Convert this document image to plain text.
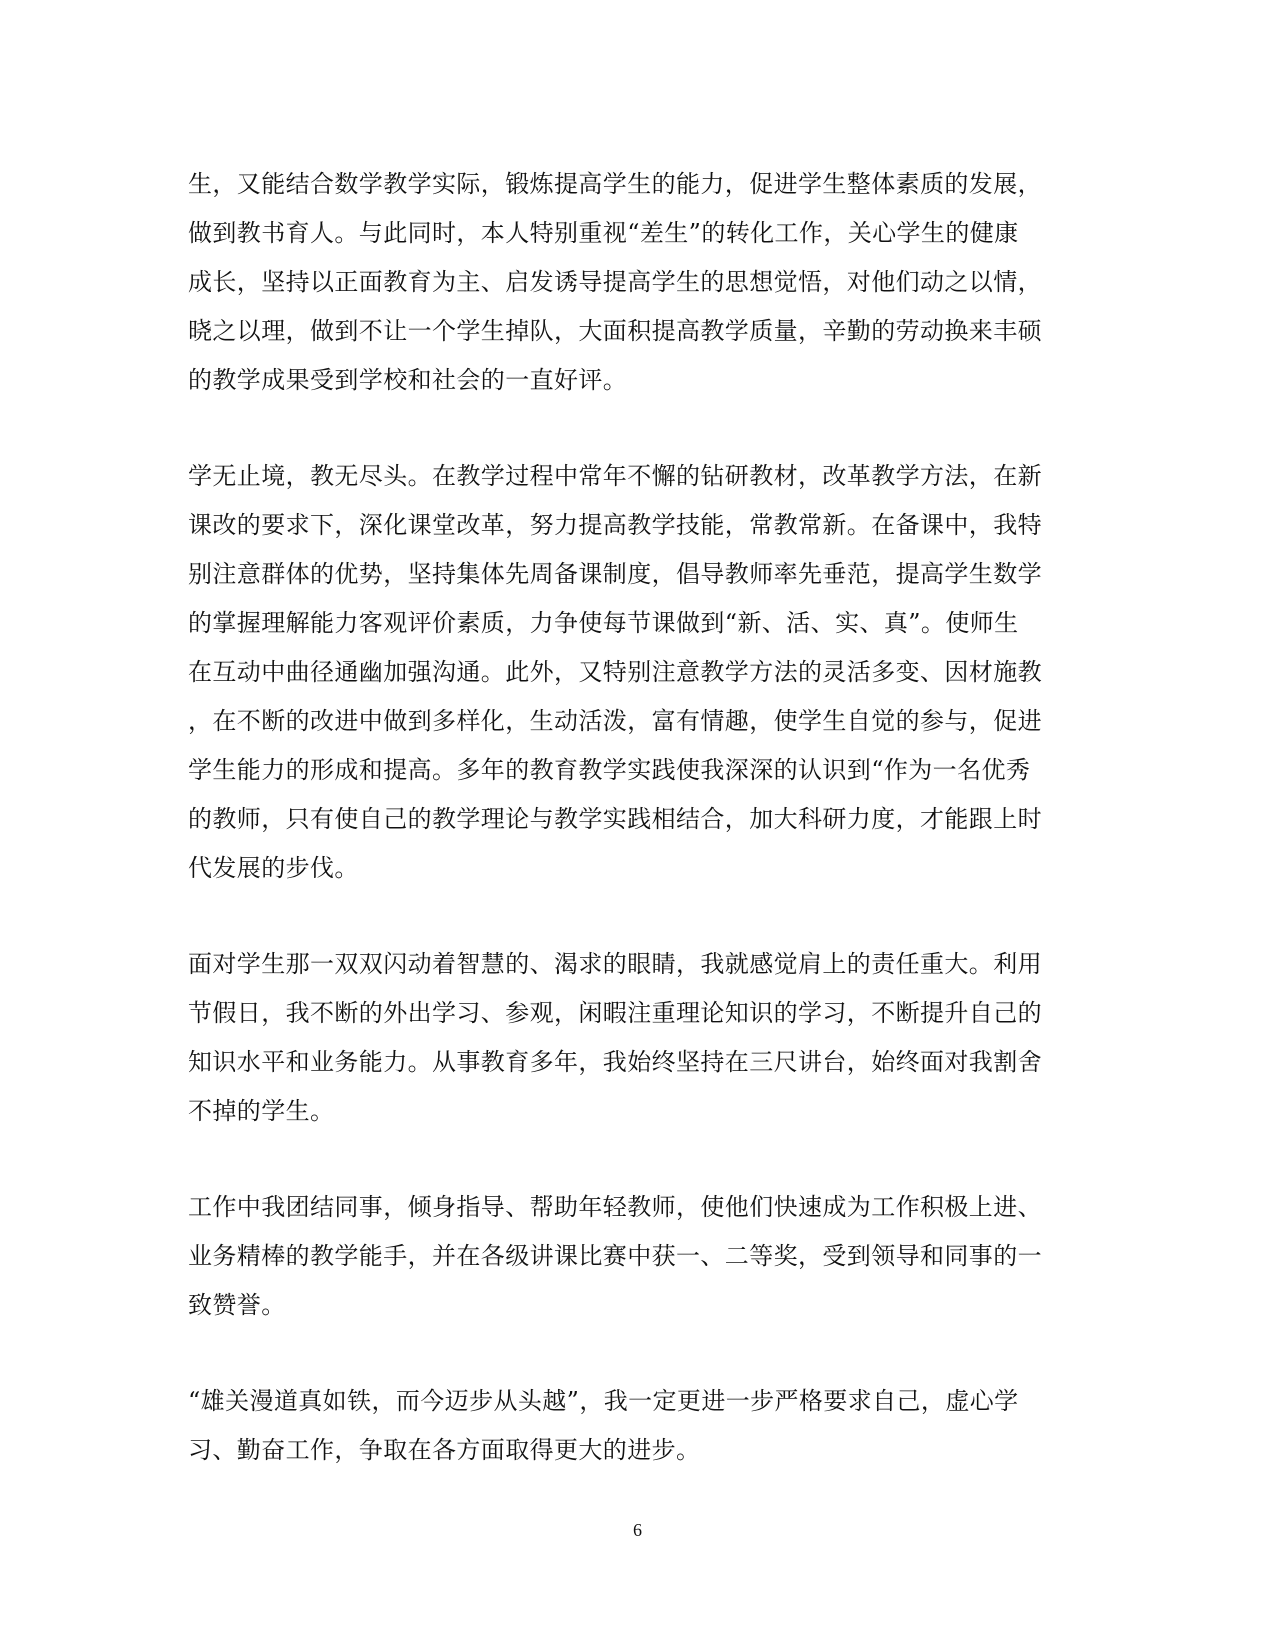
生，又能结合数学教学实际，锻炼提高学生的能力，促进学生整体素质的发展，
做到教书育人。与此同时，本人特别重视“差生”的转化工作，关心学生的健康
成长，坚持以正面教育为主、启发诱导提高学生的思想觉悟，对他们动之以情，
晓之以理，做到不让一个学生掉队，大面积提高教学质量，辛勤的劳动换来丰硕
的教学成果受到学校和社会的一直好评。

学无止境，教无尽头。在教学过程中常年不懈的钻研教材，改革教学方法，在新
课改的要求下，深化课堂改革，努力提高教学技能，常教常新。在备课中，我特
别注意群体的优势，坚持集体先周备课制度，倡导教师率先垂范，提高学生数学
的掌握理解能力客观评价素质，力争使每节课做到“新、活、实、真”。使师生
在互动中曲径通幽加强沟通。此外，又特别注意教学方法的灵活多变、因材施教
，在不断的改进中做到多样化，生动活泼，富有情趣，使学生自觉的参与，促进
学生能力的形成和提高。多年的教育教学实践使我深深的认识到“作为一名优秀
的教师，只有使自己的教学理论与教学实践相结合，加大科研力度，才能跟上时
代发展的步伐。

面对学生那一双双闪动着智慧的、渴求的眼睛，我就感觉肩上的责任重大。利用
节假日，我不断的外出学习、参观，闲暇注重理论知识的学习，不断提升自己的
知识水平和业务能力。从事教育多年，我始终坚持在三尺讲台，始终面对我割舍
不掉的学生。

工作中我团结同事，倾身指导、帮助年轻教师，使他们快速成为工作积极上进、
业务精棒的教学能手，并在各级讲课比赛中获一、二等奖，受到领导和同事的一
致赞誉。

“雄关漫道真如铁，而今迈步从头越”，我一定更进一步严格要求自己，虚心学
习、勤奋工作，争取在各方面取得更大的进步。

6
